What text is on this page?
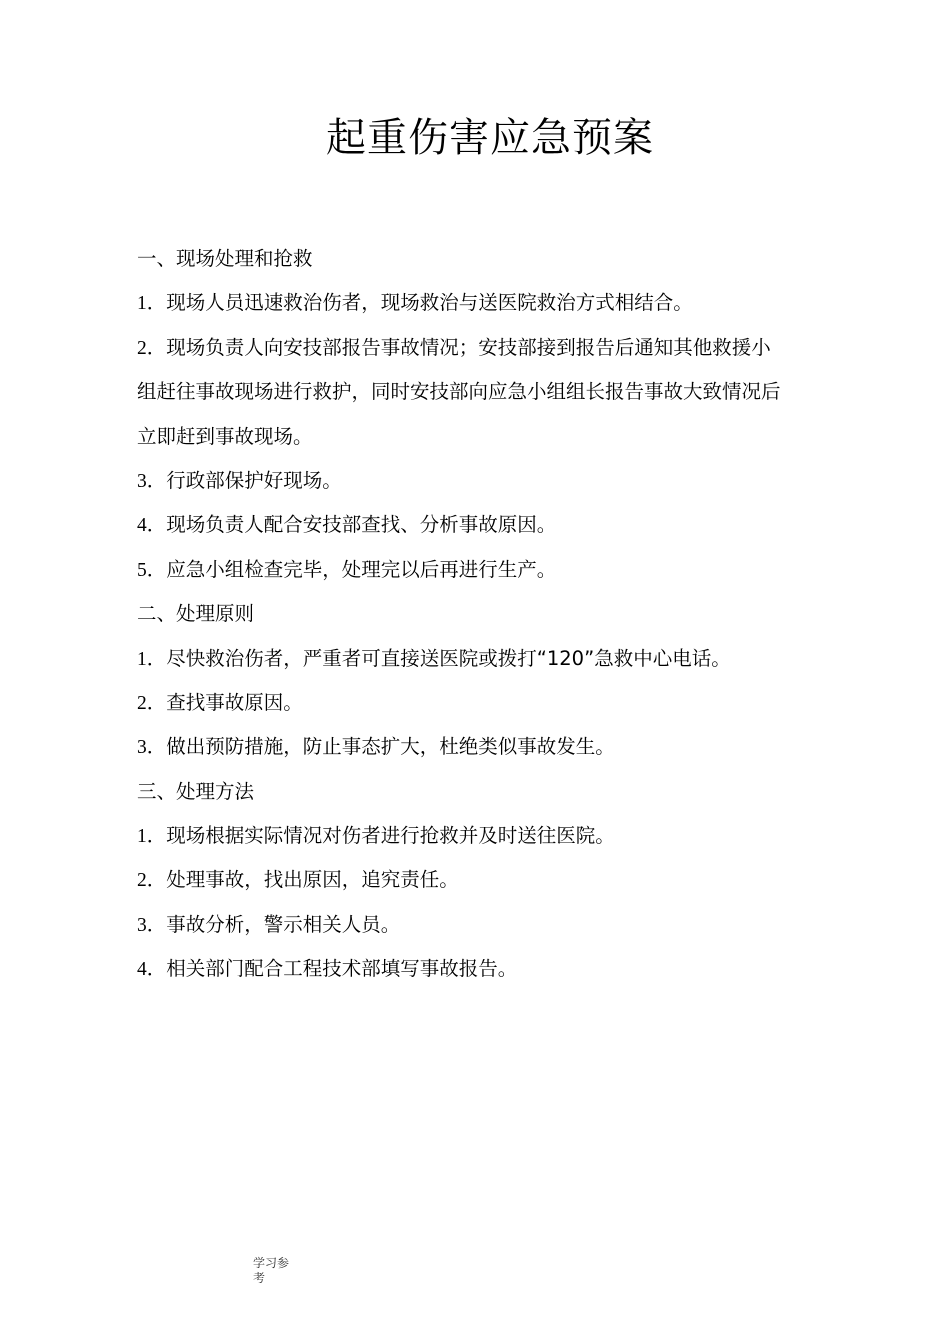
起重伤害应急预案

一、现场处理和抢救

1．现场人员迅速救治伤者，现场救治与送医院救治方式相结合。

2．现场负责人向安技部报告事故情况；安技部接到报告后通知其他救援小

组赶往事故现场进行救护，同时安技部向应急小组组长报告事故大致情况后

立即赶到事故现场。

3．行政部保护好现场。

4．现场负责人配合安技部查找、分析事故原因。

5．应急小组检查完毕，处理完以后再进行生产。

二、处理原则

1．尽快救治伤者，严重者可直接送医院或拨打“120”急救中心电话。

2．查找事故原因。

3．做出预防措施，防止事态扩大，杜绝类似事故发生。

三、处理方法

1．现场根据实际情况对伤者进行抢救并及时送往医院。

2．处理事故，找出原因，追究责任。

3．事故分析，警示相关人员。

4．相关部门配合工程技术部填写事故报告。

学习参考
